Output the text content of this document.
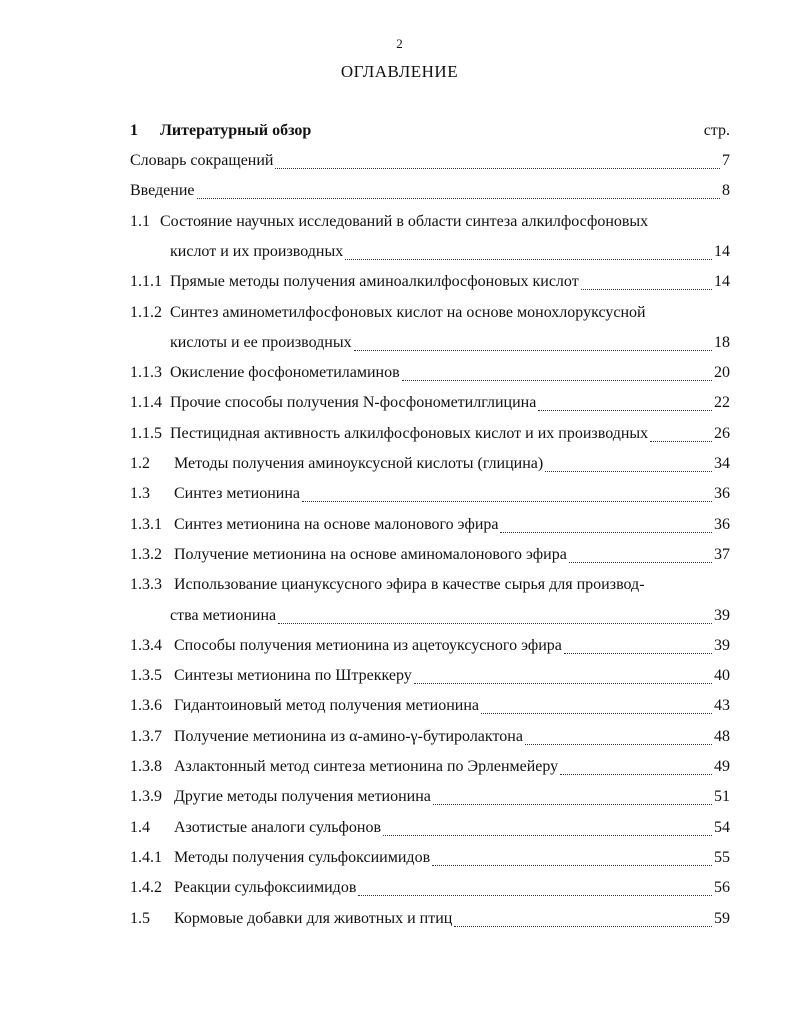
2
ОГЛАВЛЕНИЕ
1 Литературный обзор	стр.
Словарь сокращений	7
Введение	8
1.1 Состояние научных исследований в области синтеза алкилфосфоновых
кислот и их производных	14
1.1.1 Прямые методы получения аминоалкилфосфоновых кислот	14
1.1.2 Синтез аминометилфосфоновых кислот на основе монохлоруксусной
кислоты и ее производных	18
1.1.3 Окисление фосфонометиламинов	20
1.1.4 Прочие способы получения N-фосфонометилглицина	22
1.1.5 Пестицидная активность алкилфосфоновых кислот и их производных	26
1.2	Методы получения аминоуксусной кислоты (глицина)	34
1.3	Синтез метионина	36
1.3.1 Синтез метионина на основе малонового эфира	36
1.3.2 Получение метионина на основе аминомалонового эфира	37
1.3.3 Использование циануксусного эфира в качестве сырья для производ-
ства метионина	39
1.3.4 Способы получения метионина из ацетоуксусного эфира	39
1.3.5 Синтезы метионина по Штреккеру	40
1.3.6 Гидантоиновый метод получения метионина	43
1.3.7 Получение метионина из α-амино-γ-бутиролактона	48
1.3.8 Азлактонный метод синтеза метионина по Эрленмейеру	49
1.3.9 Другие методы получения метионина	51
1.4	Азотистые аналоги сульфонов	54
1.4.1 Методы получения сульфоксиимидов	55
1.4.2 Реакции сульфоксиимидов	56
1.5	Кормовые добавки для животных и птиц	59
